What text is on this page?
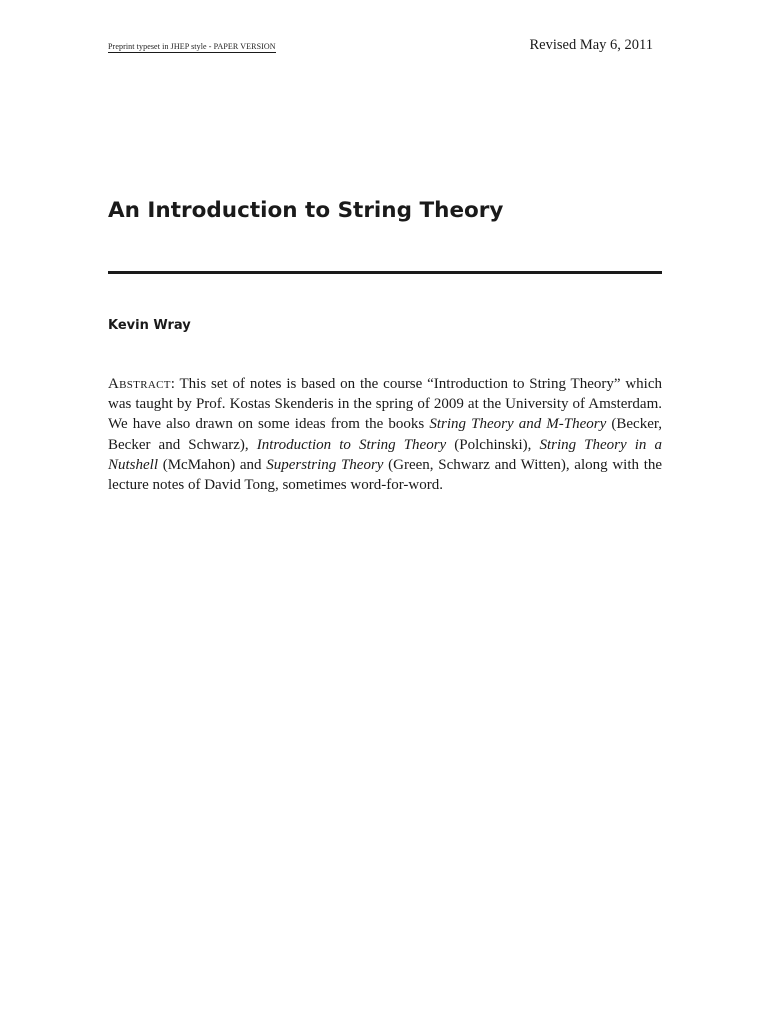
Preprint typeset in JHEP style - PAPER VERSION	Revised May 6, 2011
An Introduction to String Theory
Kevin Wray

Abstract: This set of notes is based on the course “Introduction to String Theory” which was taught by Prof. Kostas Skenderis in the spring of 2009 at the University of Amsterdam. We have also drawn on some ideas from the books String Theory and M-Theory (Becker, Becker and Schwarz), Introduction to String Theory (Polchinski), String Theory in a Nutshell (McMahon) and Superstring Theory (Green, Schwarz and Witten), along with the lecture notes of David Tong, sometimes word-for-word.
